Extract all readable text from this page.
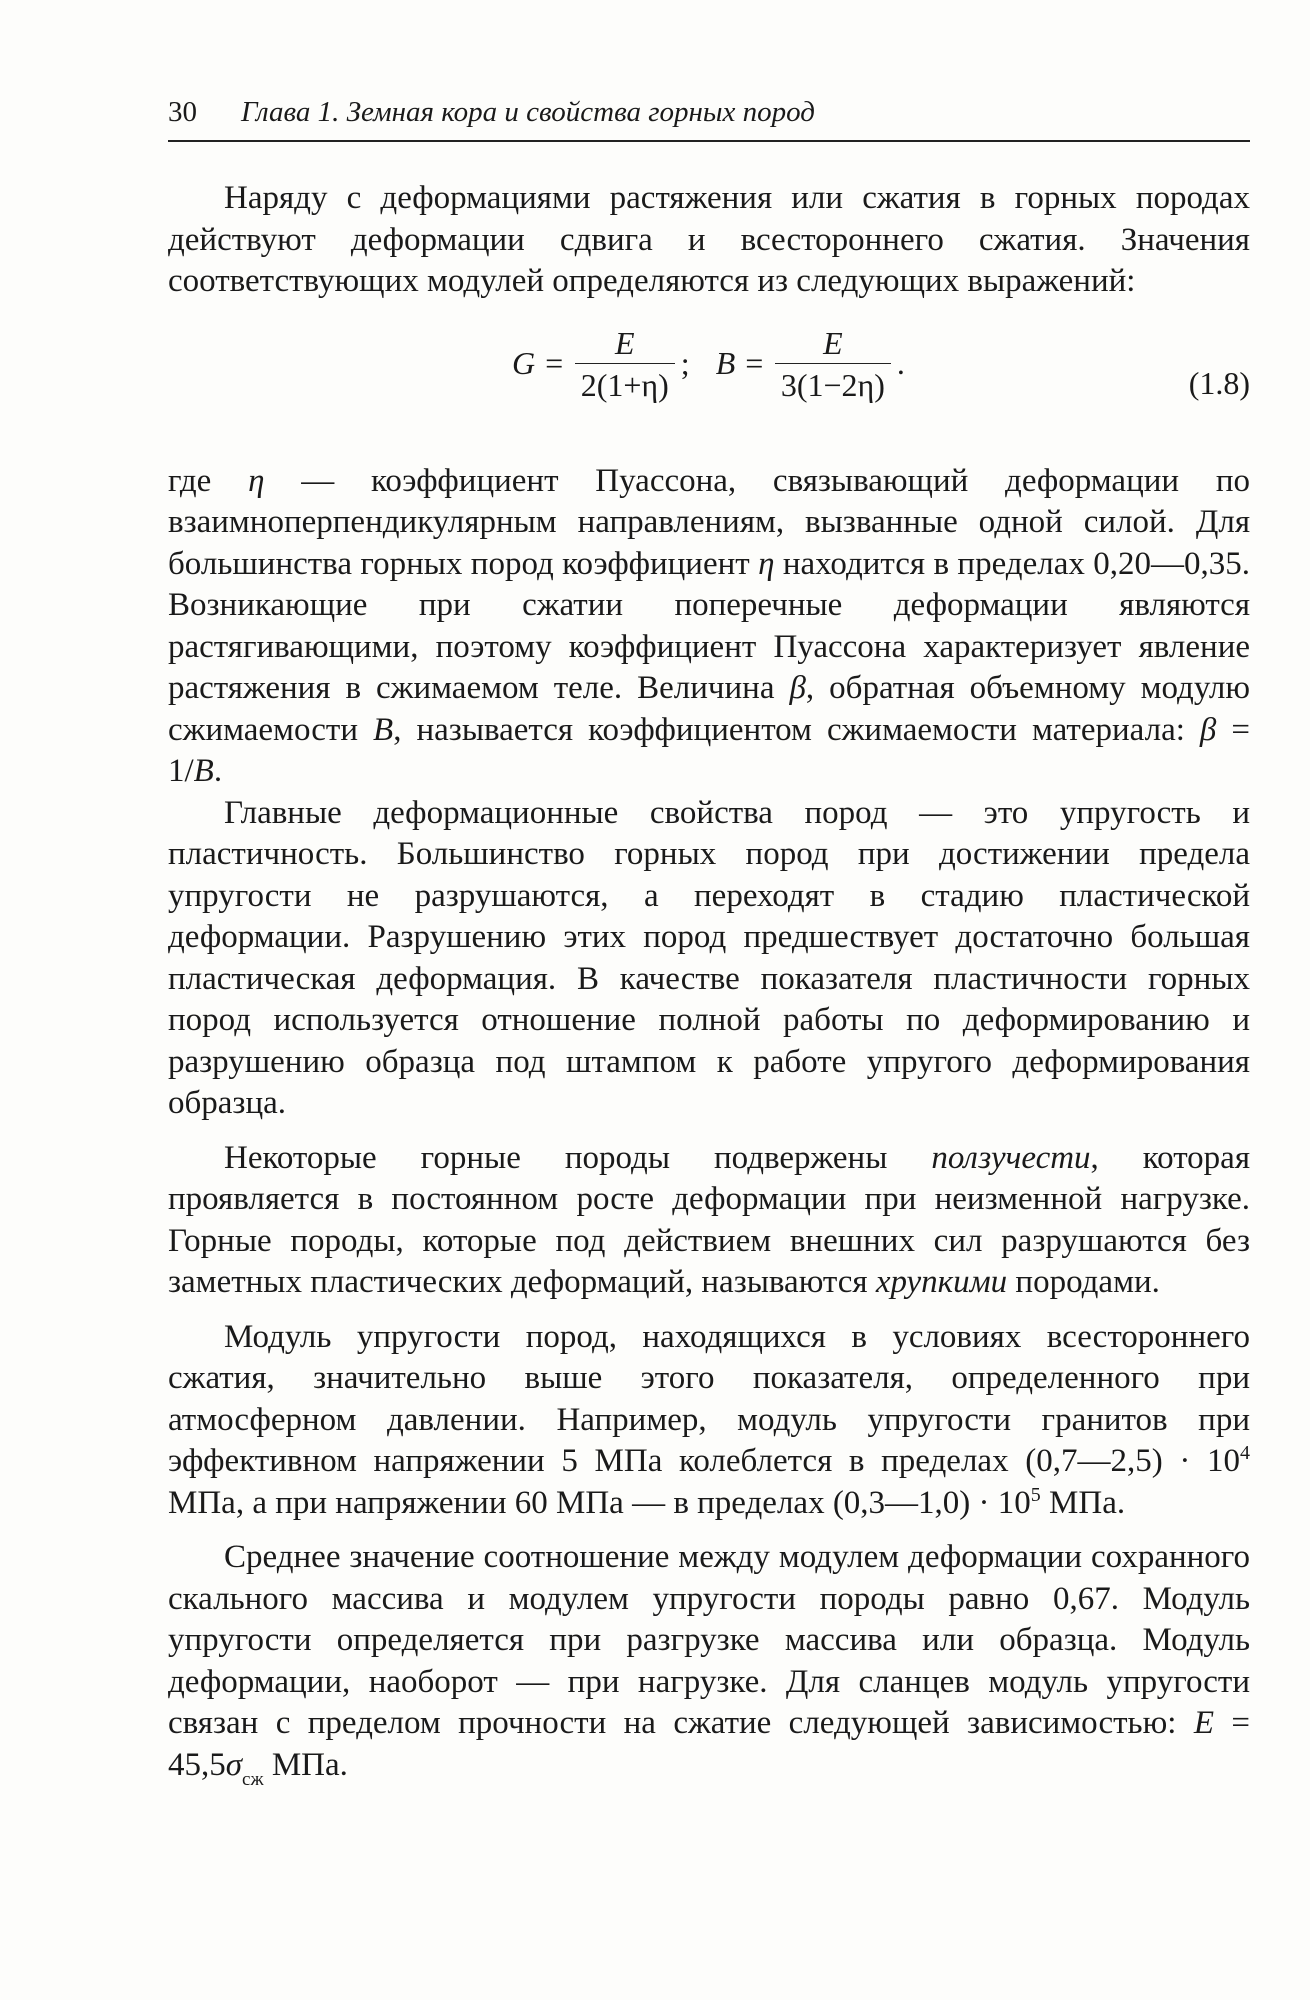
30 Глава 1. Земная кора и свойства горных пород

Наряду с деформациями растяжения или сжатия в горных породах действуют деформации сдвига и всестороннего сжатия. Значения соответствующих модулей определяются из следующих выражений:

$G = \frac{E}{2(1+\eta)}$ ; $B = \frac{E}{3(1-2\eta)}$ .
(1.8)

где η — коэффициент Пуассона, связывающий деформации по взаимноперпендикулярным направлениям, вызванные одной силой. Для большинства горных пород коэффициент η находится в пределах 0,20—0,35. Возникающие при сжатии поперечные деформации являются растягивающими, поэтому коэффициент Пуассона характеризует явление растяжения в сжимаемом теле. Величина β, обратная объемному модулю сжимаемости B, называется коэффициентом сжимаемости материала: β = 1/B.

Главные деформационные свойства пород — это упругость и пластичность. Большинство горных пород при достижении предела упругости не разрушаются, а переходят в стадию пластической деформации. Разрушению этих пород предшествует достаточно большая пластическая деформация. В качестве показателя пластичности горных пород используется отношение полной работы по деформированию и разрушению образца под штампом к работе упругого деформирования образца.

Некоторые горные породы подвержены ползучести, которая проявляется в постоянном росте деформации при неизменной нагрузке. Горные породы, которые под действием внешних сил разрушаются без заметных пластических деформаций, называются хрупкими породами.

Модуль упругости пород, находящихся в условиях всестороннего сжатия, значительно выше этого показателя, определенного при атмосферном давлении. Например, модуль упругости гранитов при эффективном напряжении 5 МПа колеблется в пределах (0,7—2,5) · $10^4$ МПа, а при напряжении 60 МПа — в пределах (0,3—1,0) · $10^5$ МПа.

Среднее значение соотношение между модулем деформации сохранного скального массива и модулем упругости породы равно 0,67. Модуль упругости определяется при разгрузке массива или образца. Модуль деформации, наоборот — при нагрузке. Для сланцев модуль упругости связан с пределом прочности на сжатие следующей зависимостью: $E = 45,5\sigma_{сж}$ МПа.
